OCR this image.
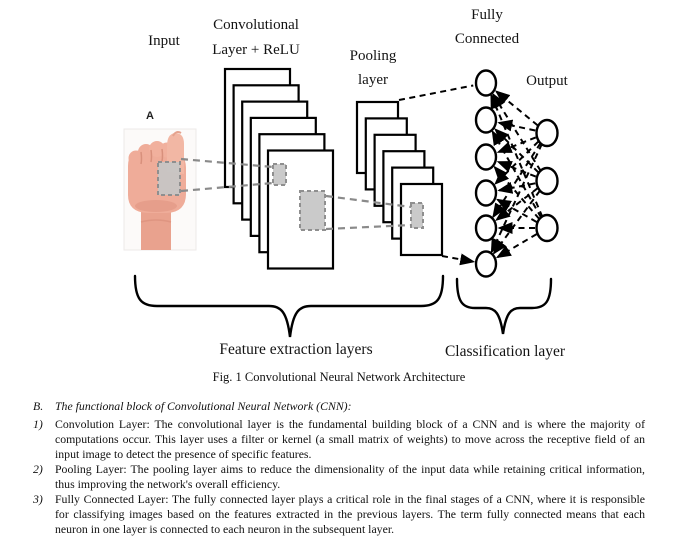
Input
Convolutional
Layer + ReLU	Pooling
layer
Fully
Connected
Output
A
Feature extraction layers	Classification layer
Fig. 1 Convolutional Neural Network Architecture
B.	The functional block of Convolutional Neural Network (CNN):
1)	Convolution Layer: The convolutional layer is the fundamental building block of a CNN and is where the majority of computations occur. This layer uses a filter or kernel (a small matrix of weights) to move across the receptive field of an input image to detect the presence of specific features.
2)	Pooling Layer: The pooling layer aims to reduce the dimensionality of the input data while retaining critical information, thus improving the network's overall efficiency.
3)	Fully Connected Layer: The fully connected layer plays a critical role in the final stages of a CNN, where it is responsible for classifying images based on the features extracted in the previous layers. The term fully connected means that each neuron in one layer is connected to each neuron in the subsequent layer.
